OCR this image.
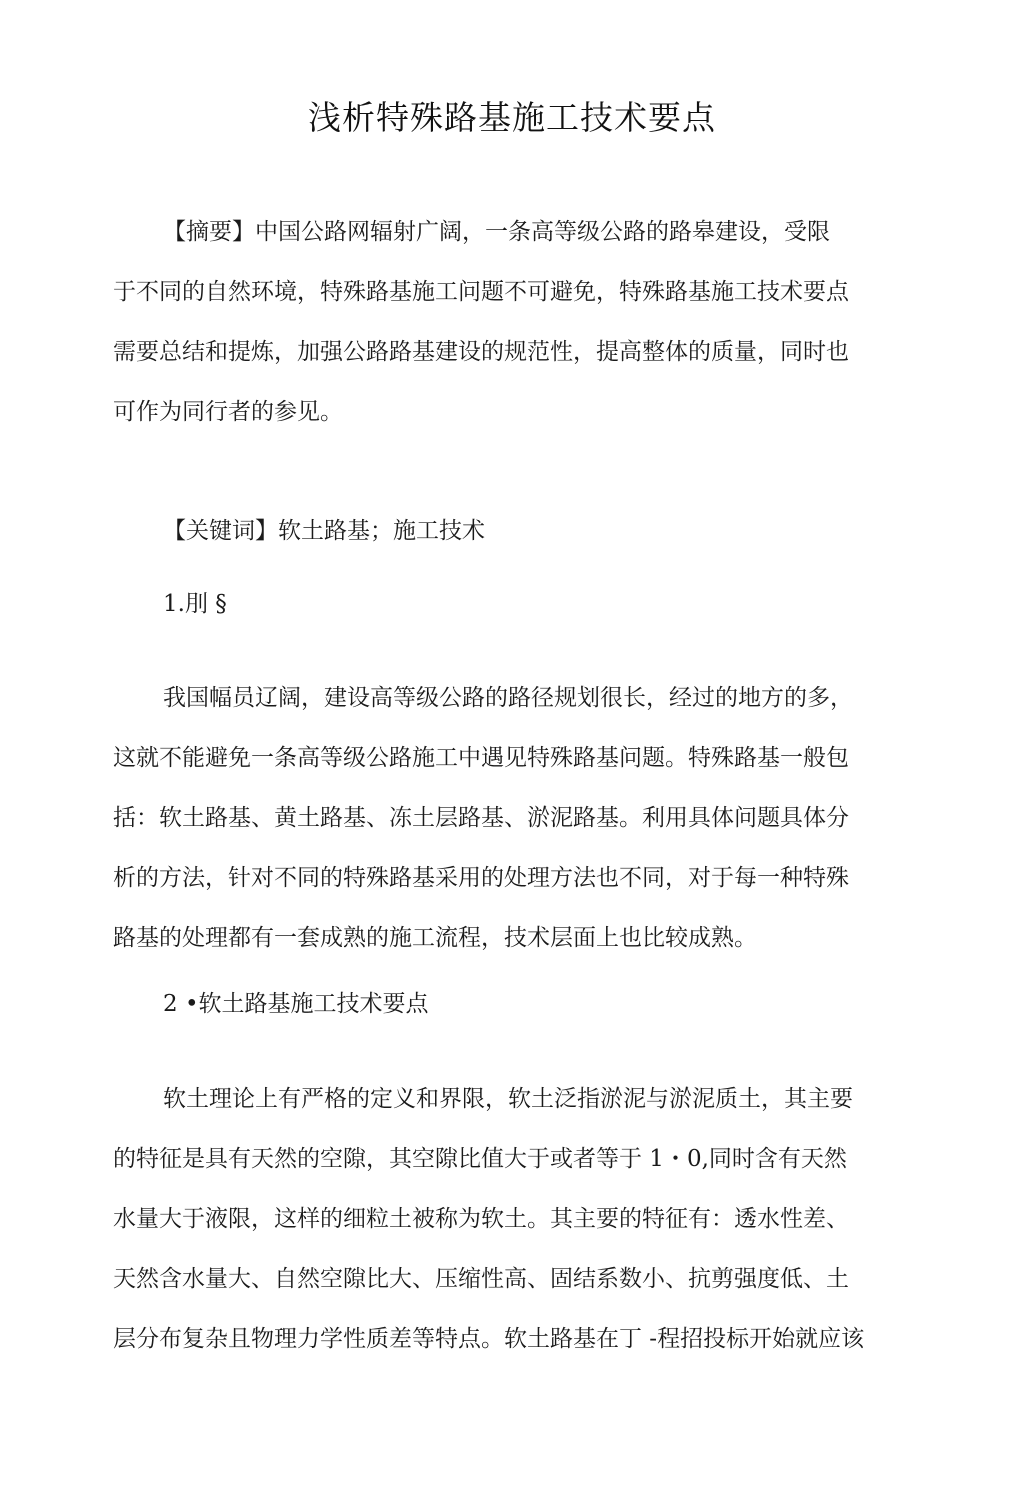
浅析特殊路基施工技术要点
【摘要】中国公路网辐射广阔，一条高等级公路的路皋建设，受限
于不同的自然环境，特殊路基施工问题不可避免，特殊路基施工技术要点
需要总结和提炼，加强公路路基建设的规范性，提高整体的质量，同时也
可作为同行者的参见。
【关键词】软土路基；施工技术
1.刖 §
我国幅员辽阔，建设高等级公路的路径规划很长，经过的地方的多，
这就不能避免一条高等级公路施工中遇见特殊路基问题。特殊路基一般包
括：软土路基、黄土路基、冻土层路基、淤泥路基。利用具体问题具体分
析的方法，针对不同的特殊路基采用的处理方法也不同，对于每一种特殊
路基的处理都有一套成熟的施工流程，技术层面上也比较成熟。
2 •软土路基施工技术要点
软土理论上有严格的定义和界限，软土泛指淤泥与淤泥质土，其主要
的特征是具有天然的空隙，其空隙比值大于或者等于 1・0,同时含有天然
水量大于液限，这样的细粒土被称为软土。其主要的特征有：透水性差、
天然含水量大、自然空隙比大、压缩性高、固结系数小、抗剪强度低、土
层分布复杂且物理力学性质差等特点。软土路基在丁 -程招投标开始就应该
